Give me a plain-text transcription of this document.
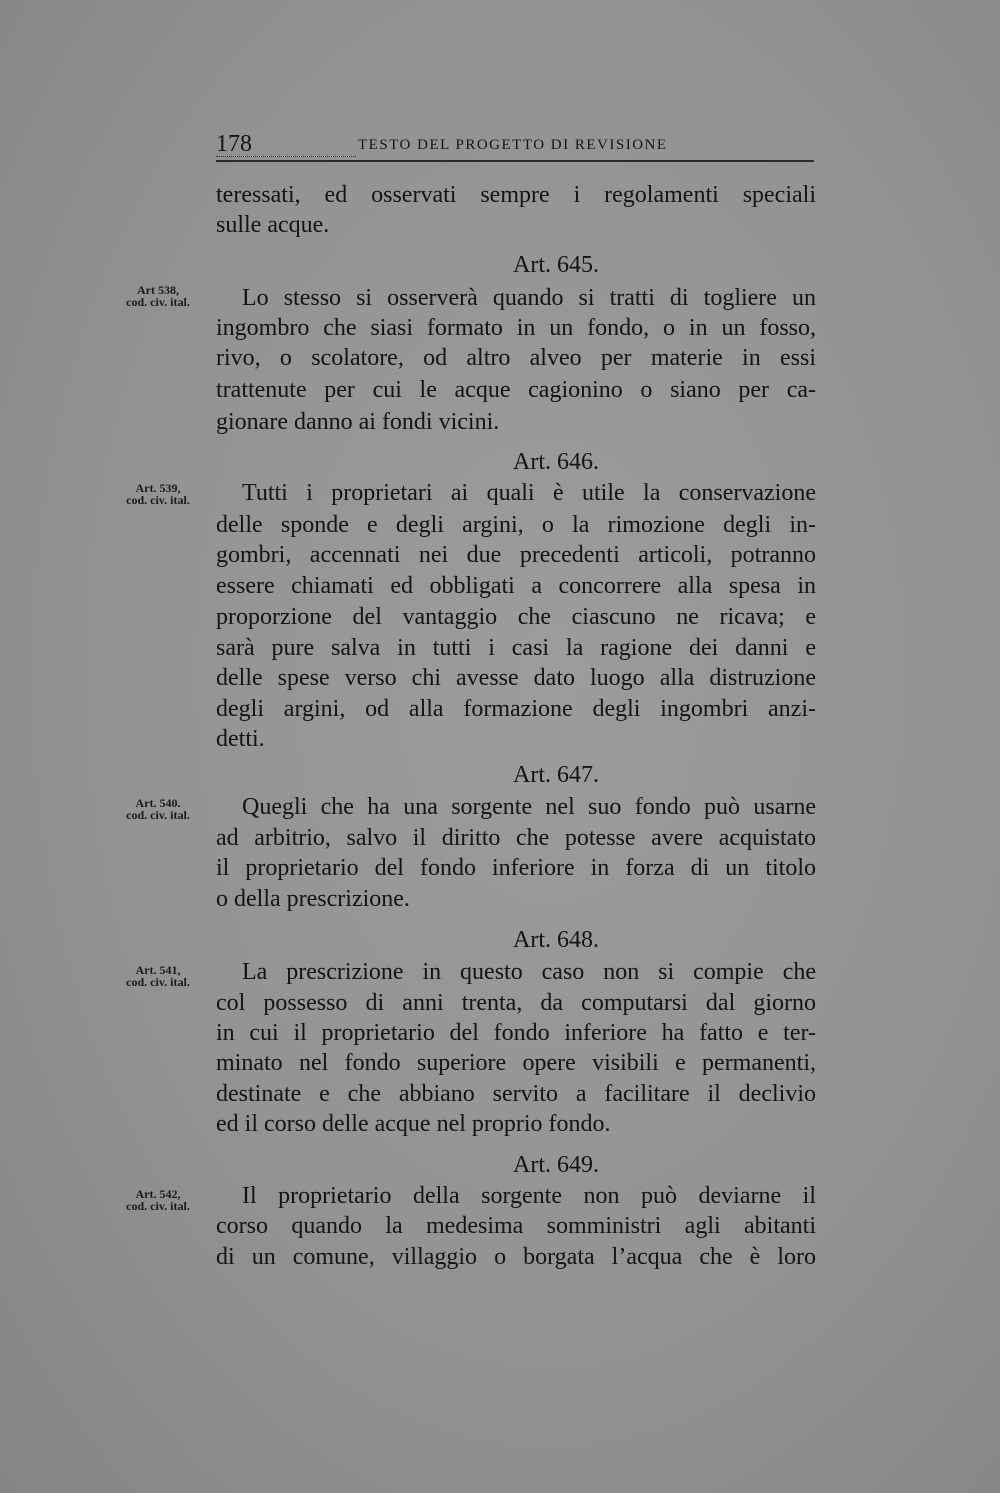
178	TESTO DEL PROGETTO DI REVISIONE
teressati, ed osservati sempre i regolamenti speciali
sulle acque.
Art. 645.
Art 538,
cod. civ. ital.	Lo stesso si osserverà quando si tratti di togliere un
ingombro che siasi formato in un fondo, o in un fosso,
rivo, o scolatore, od altro alveo per materie in essi
trattenute per cui le acque cagionino o siano per ca-
gionare danno ai fondi vicini.
Art. 646.
Art. 539,
cod. civ. ital.	Tutti i proprietari ai quali è utile la conservazione
delle sponde e degli argini, o la rimozione degli in-
gombri, accennati nei due precedenti articoli, potranno
essere chiamati ed obbligati a concorrere alla spesa in
proporzione del vantaggio che ciascuno ne ricava; e
sarà pure salva in tutti i casi la ragione dei danni e
delle spese verso chi avesse dato luogo alla distruzione
degli argini, od alla formazione degli ingombri anzi-
detti.
Art. 647.
Art. 540.
cod. civ. ital.	Quegli che ha una sorgente nel suo fondo può usarne
ad arbitrio, salvo il diritto che potesse avere acquistato
il proprietario del fondo inferiore in forza di un titolo
o della prescrizione.
Art. 648.
Art. 541,
cod. civ. ital.	La prescrizione in questo caso non si compie che
col possesso di anni trenta, da computarsi dal giorno
in cui il proprietario del fondo inferiore ha fatto e ter-
minato nel fondo superiore opere visibili e permanenti,
destinate e che abbiano servito a facilitare il declivio
ed il corso delle acque nel proprio fondo.
Art. 649.
Art. 542,
cod. civ. ital.	Il proprietario della sorgente non può deviarne il
corso quando la medesima somministri agli abitanti
di un comune, villaggio o borgata l’acqua che è loro
